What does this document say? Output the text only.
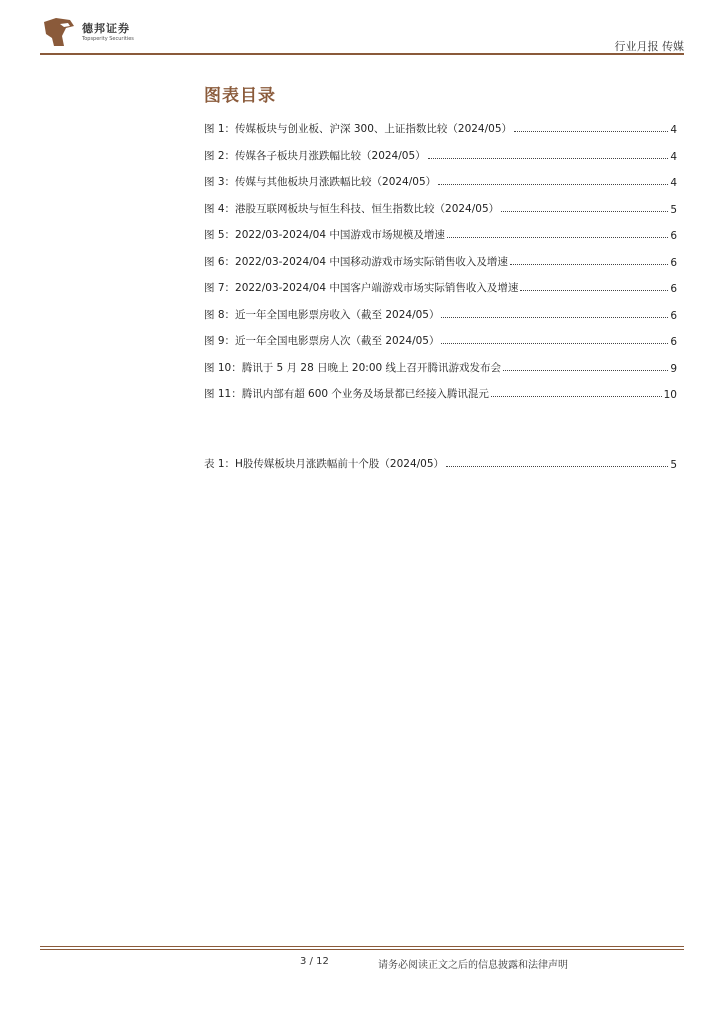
德邦证券
Topsperity Securities
行业月报 传媒
图表目录
图 1：传媒板块与创业板、沪深 300、上证指数比较（2024/05）	4
图 2：传媒各子板块月涨跌幅比较（2024/05）	4
图 3：传媒与其他板块月涨跌幅比较（2024/05）	4
图 4：港股互联网板块与恒生科技、恒生指数比较（2024/05）	5
图 5：2022/03-2024/04 中国游戏市场规模及增速	6
图 6：2022/03-2024/04 中国移动游戏市场实际销售收入及增速	6
图 7：2022/03-2024/04 中国客户端游戏市场实际销售收入及增速	6
图 8：近一年全国电影票房收入（截至 2024/05）	6
图 9：近一年全国电影票房人次（截至 2024/05）	6
图 10：腾讯于 5 月 28 日晚上 20:00 线上召开腾讯游戏发布会	9
图 11：腾讯内部有超 600 个业务及场景都已经接入腾讯混元	10
表 1：H股传媒板块月涨跌幅前十个股（2024/05）	5
3 / 12	请务必阅读正文之后的信息披露和法律声明
